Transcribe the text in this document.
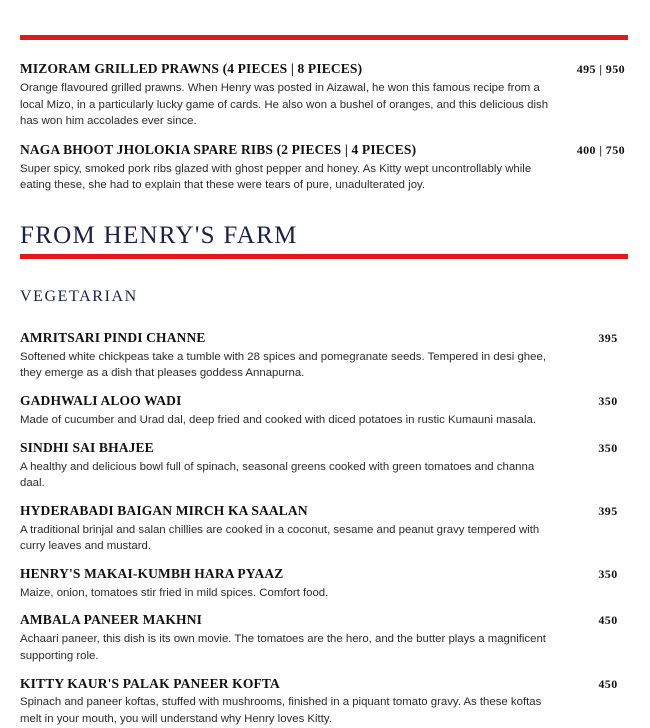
MIZORAM GRILLED PRAWNS (4 PIECES | 8 PIECES)
Orange flavoured grilled prawns. When Henry was posted in Aizawal, he won this famous recipe from a local Mizo, in a particularly lucky game of cards. He also won a bushel of oranges, and this delicious dish has won him accolades ever since.
495 | 950
NAGA BHOOT JHOLOKIA SPARE RIBS (2 PIECES | 4 PIECES)
Super spicy, smoked pork ribs glazed with ghost pepper and honey. As Kitty wept uncontrollably while eating these, she had to explain that these were tears of pure, unadulterated joy.
400 | 750
FROM HENRY'S FARM
VEGETARIAN
AMRITSARI PINDI CHANNE
Softened white chickpeas take a tumble with 28 spices and pomegranate seeds. Tempered in desi ghee, they emerge as a dish that pleases goddess Annapurna.
395
GADHWALI ALOO WADI
Made of cucumber and Urad dal, deep fried and cooked with diced potatoes in rustic Kumauni masala.
350
SINDHI SAI BHAJEE
A healthy and delicious bowl full of spinach, seasonal greens cooked with green tomatoes and channa daal.
350
HYDERABADI BAIGAN MIRCH KA SAALAN
A traditional brinjal and salan chillies are cooked in a coconut, sesame and peanut gravy tempered with curry leaves and mustard.
395
HENRY'S MAKAI-KUMBH HARA PYAAZ
Maize, onion, tomatoes stir fried in mild spices. Comfort food.
350
AMBALA PANEER MAKHNI
Achaari paneer, this dish is its own movie. The tomatoes are the hero, and the butter plays a magnificent supporting role.
450
KITTY KAUR'S PALAK PANEER KOFTA
Spinach and paneer koftas, stuffed with mushrooms, finished in a piquant tomato gravy. As these koftas melt in your mouth, you will understand why Henry loves Kitty.
450
